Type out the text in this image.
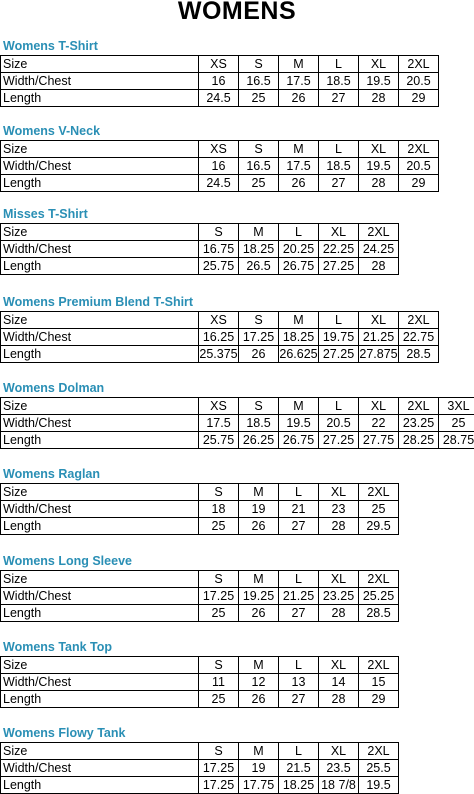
WOMENS
Womens T-Shirt
Size	XS	S	M	L	XL	2XL
Width/Chest	16	16.5	17.5	18.5	19.5	20.5
Length	24.5	25	26	27	28	29
Womens V-Neck
Size	XS	S	M	L	XL	2XL
Width/Chest	16	16.5	17.5	18.5	19.5	20.5
Length	24.5	25	26	27	28	29
Misses T-Shirt
Size	S	M	L	XL	2XL
Width/Chest	16.75	18.25	20.25	22.25	24.25
Length	25.75	26.5	26.75	27.25	28
Womens Premium Blend T-Shirt
Size	XS	S	M	L	XL	2XL
Width/Chest	16.25	17.25	18.25	19.75	21.25	22.75
Length	25.375	26	26.625	27.25	27.875	28.5
Womens Dolman
Size	XS	S	M	L	XL	2XL	3XL
Width/Chest	17.5	18.5	19.5	20.5	22	23.25	25
Length	25.75	26.25	26.75	27.25	27.75	28.25	28.75
Womens Raglan
Size	S	M	L	XL	2XL
Width/Chest	18	19	21	23	25
Length	25	26	27	28	29.5
Womens Long Sleeve
Size	S	M	L	XL	2XL
Width/Chest	17.25	19.25	21.25	23.25	25.25
Length	25	26	27	28	28.5
Womens Tank Top
Size	S	M	L	XL	2XL
Width/Chest	11	12	13	14	15
Length	25	26	27	28	29
Womens Flowy Tank
Size	S	M	L	XL	2XL
Width/Chest	17.25	19	21.5	23.5	25.5
Length	17.25	17.75	18.25	18 7/8	19.5
